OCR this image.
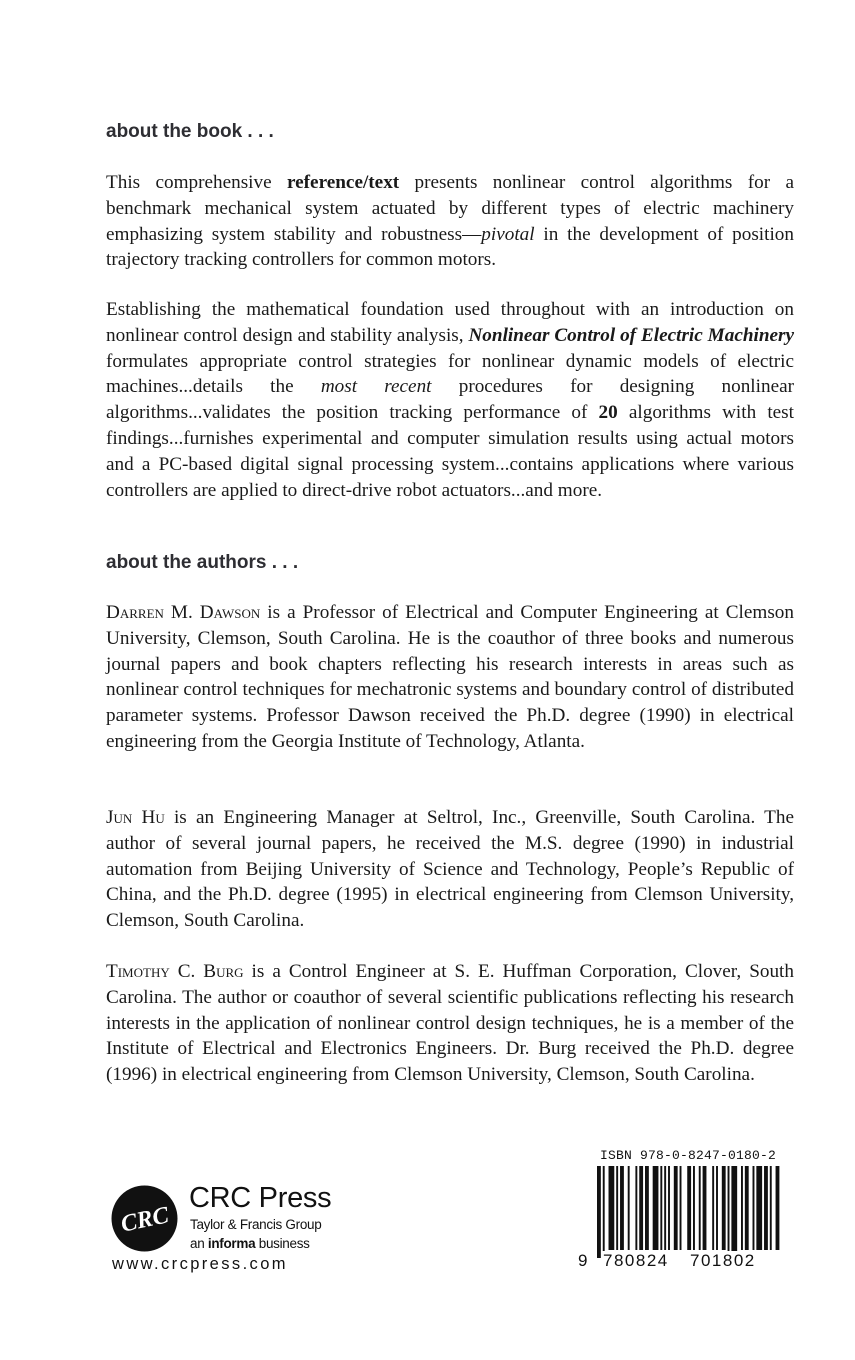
about the book . . .

This comprehensive reference/text presents nonlinear control algorithms for a benchmark mechanical system actuated by different types of electric machinery emphasizing system stability and robustness—pivotal in the development of position trajectory tracking controllers for common motors.

Establishing the mathematical foundation used throughout with an introduction on nonlinear control design and stability analysis, Nonlinear Control of Electric Machinery formulates appropriate control strategies for nonlinear dynamic models of electric machines...details the most recent procedures for designing nonlinear algorithms...validates the position tracking performance of 20 algorithms with test findings...furnishes experimental and computer simulation results using actual motors and a PC-based digital signal processing system...contains applications where various controllers are applied to direct-drive robot actuators...and more.

about the authors . . .

Darren M. Dawson is a Professor of Electrical and Computer Engineering at Clemson University, Clemson, South Carolina. He is the coauthor of three books and numerous journal papers and book chapters reflecting his research interests in areas such as nonlinear control techniques for mechatronic systems and boundary control of distributed parameter systems. Professor Dawson received the Ph.D. degree (1990) in electrical engineering from the Georgia Institute of Technology, Atlanta.

Jun Hu is an Engineering Manager at Seltrol, Inc., Greenville, South Carolina. The author of several journal papers, he received the M.S. degree (1990) in industrial automation from Beijing University of Science and Technology, People’s Republic of China, and the Ph.D. degree (1995) in electrical engineering from Clemson University, Clemson, South Carolina.

Timothy C. Burg is a Control Engineer at S. E. Huffman Corporation, Clover, South Carolina. The author or coauthor of several scientific publications reflecting his research interests in the application of nonlinear control design techniques, he is a member of the Institute of Electrical and Electronics Engineers. Dr. Burg received the Ph.D. degree (1996) in electrical engineering from Clemson University, Clemson, South Carolina.

CRC
CRC Press
Taylor & Francis Group
an informa business
www.crcpress.com
ISBN 978-0-8247-0180-2
9 780824 701802
